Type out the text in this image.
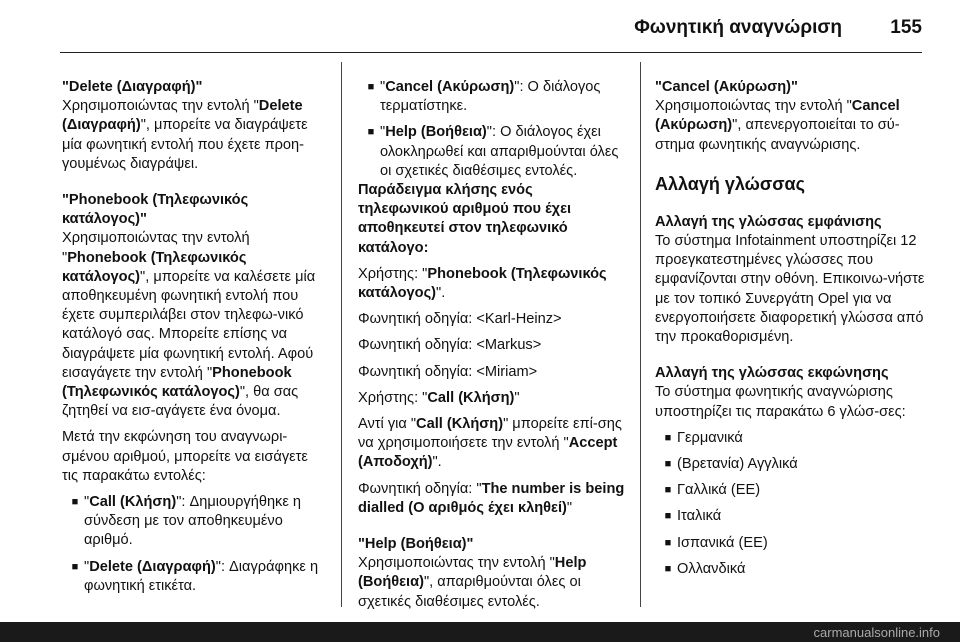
Φωνητική αναγνώριση	155

"Delete (Διαγραφή)"

Χρησιμοποιώντας την εντολή "Delete (Διαγραφή)", μπορείτε να διαγράψετε μία φωνητική εντολή που έχετε προη-γουμένως διαγράψει.

"Phonebook (Τηλεφωνικός κατάλογος)"

Χρησιμοποιώντας την εντολή "Phonebook (Τηλεφωνικός κατάλογος)", μπορείτε να καλέσετε μία αποθηκευμένη φωνητική εντολή που έχετε συμπεριλάβει στον τηλεφω-νικό κατάλογό σας. Μπορείτε επίσης να διαγράψετε μία φωνητική εντολή. Αφού εισαγάγετε την εντολή "Phonebook (Τηλεφωνικός κατάλογος)", θα σας ζητηθεί να εισ-αγάγετε ένα όνομα.

Μετά την εκφώνηση του αναγνωρι-σμένου αριθμού, μπορείτε να εισάγετε τις παρακάτω εντολές:

■ "Call (Κλήση)": Δημιουργήθηκε η σύνδεση με τον αποθηκευμένο αριθμό.
■ "Delete (Διαγραφή)": Διαγράφηκε η φωνητική ετικέτα.
■ "Cancel (Ακύρωση)": Ο διάλογος τερματίστηκε.
■ "Help (Βοήθεια)": Ο διάλογος έχει ολοκληρωθεί και απαριθμούνται όλες οι σχετικές διαθέσιμες εντολές.

Παράδειγμα κλήσης ενός τηλεφωνικού αριθμού που έχει αποθηκευτεί στον τηλεφωνικό κατάλογο:

Χρήστης: "Phonebook (Τηλεφωνικός κατάλογος)".

Φωνητική οδηγία: <Karl-Heinz>

Φωνητική οδηγία: <Markus>

Φωνητική οδηγία: <Miriam>

Χρήστης: "Call (Κλήση)"

Αντί για "Call (Κλήση)" μπορείτε επί-σης να χρησιμοποιήσετε την εντολή "Accept (Αποδοχή)".

Φωνητική οδηγία: "The number is being dialled (Ο αριθμός έχει κληθεί)"

"Help (Βοήθεια)"

Χρησιμοποιώντας την εντολή "Help (Βοήθεια)", απαριθμούνται όλες οι σχετικές διαθέσιμες εντολές.

"Cancel (Ακύρωση)"

Χρησιμοποιώντας την εντολή "Cancel (Ακύρωση)", απενεργοποιείται το σύ-στημα φωνητικής αναγνώρισης.

Αλλαγή γλώσσας

Αλλαγή της γλώσσας εμφάνισης

Το σύστημα Infotainment υποστηρίζει 12 προεγκατεστημένες γλώσσες που εμφανίζονται στην οθόνη. Επικοινω-νήστε με τον τοπικό Συνεργάτη Opel για να ενεργοποιήσετε διαφορετική γλώσσα από την προκαθορισμένη.

Αλλαγή της γλώσσας εκφώνησης

Το σύστημα φωνητικής αναγνώρισης υποστηρίζει τις παρακάτω 6 γλώσ-σες:

■ Γερμανικά
■ (Βρετανία) Αγγλικά
■ Γαλλικά (ΕΕ)
■ Ιταλικά
■ Ισπανικά (ΕΕ)
■ Ολλανδικά
carmanualsonline.info
